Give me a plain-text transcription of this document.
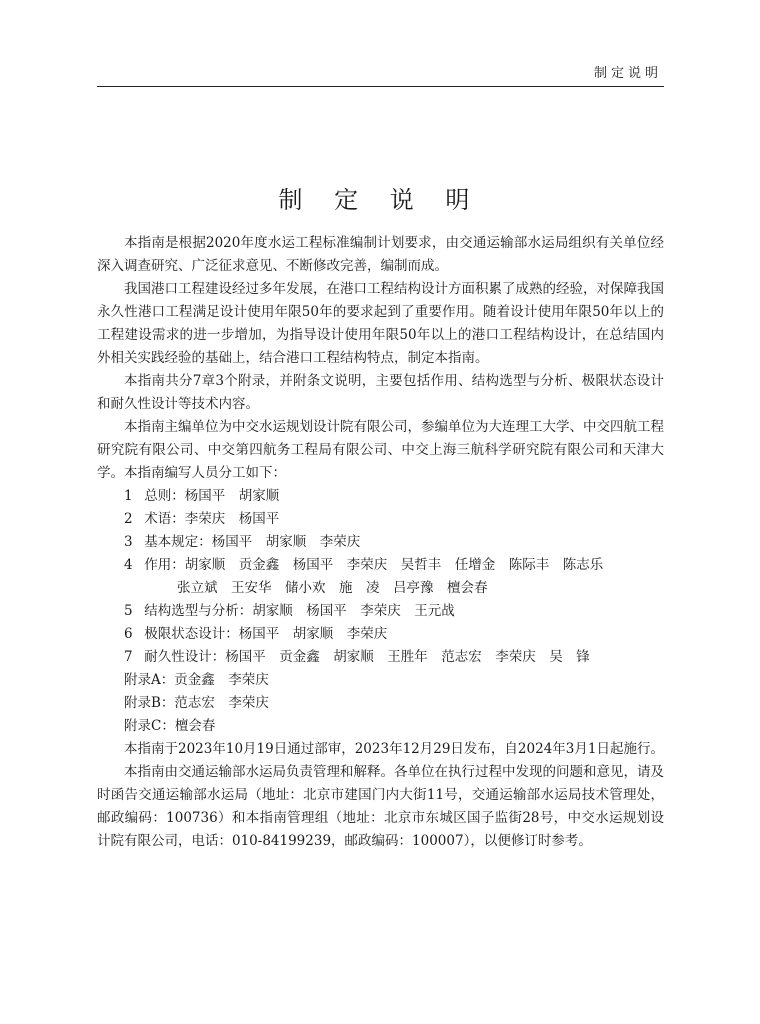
制定说明
制 定 说 明

本指南是根据2020年度水运工程标准编制计划要求，由交通运输部水运局组织有关单位经深入调查研究、广泛征求意见、不断修改完善，编制而成。

我国港口工程建设经过多年发展，在港口工程结构设计方面积累了成熟的经验，对保障我国永久性港口工程满足设计使用年限50年的要求起到了重要作用。随着设计使用年限50年以上的工程建设需求的进一步增加，为指导设计使用年限50年以上的港口工程结构设计，在总结国内外相关实践经验的基础上，结合港口工程结构特点，制定本指南。

本指南共分7章3个附录，并附条文说明，主要包括作用、结构选型与分析、极限状态设计和耐久性设计等技术内容。

本指南主编单位为中交水运规划设计院有限公司，参编单位为大连理工大学、中交四航工程研究院有限公司、中交第四航务工程局有限公司、中交上海三航科学研究院有限公司和天津大学。本指南编写人员分工如下：

1 总则：杨国平　胡家顺

2 术语：李荣庆　杨国平

3 基本规定：杨国平　胡家顺　李荣庆

4 作用：胡家顺　贡金鑫　杨国平　李荣庆　吴哲丰　任增金　陈际丰　陈志乐

张立斌　王安华　储小欢　施　凌　吕亭豫　檀会春

5 结构选型与分析：胡家顺　杨国平　李荣庆　王元战

6 极限状态设计：杨国平　胡家顺　李荣庆

7 耐久性设计：杨国平　贡金鑫　胡家顺　王胜年　范志宏　李荣庆　吴　锋

附录A：贡金鑫　李荣庆

附录B：范志宏　李荣庆

附录C：檀会春

本指南于2023年10月19日通过部审，2023年12月29日发布，自2024年3月1日起施行。

本指南由交通运输部水运局负责管理和解释。各单位在执行过程中发现的问题和意见，请及时函告交通运输部水运局（地址：北京市建国门内大街11号，交通运输部水运局技术管理处，邮政编码：100736）和本指南管理组（地址：北京市东城区国子监街28号，中交水运规划设计院有限公司，电话：010-84199239，邮政编码：100007），以便修订时参考。
